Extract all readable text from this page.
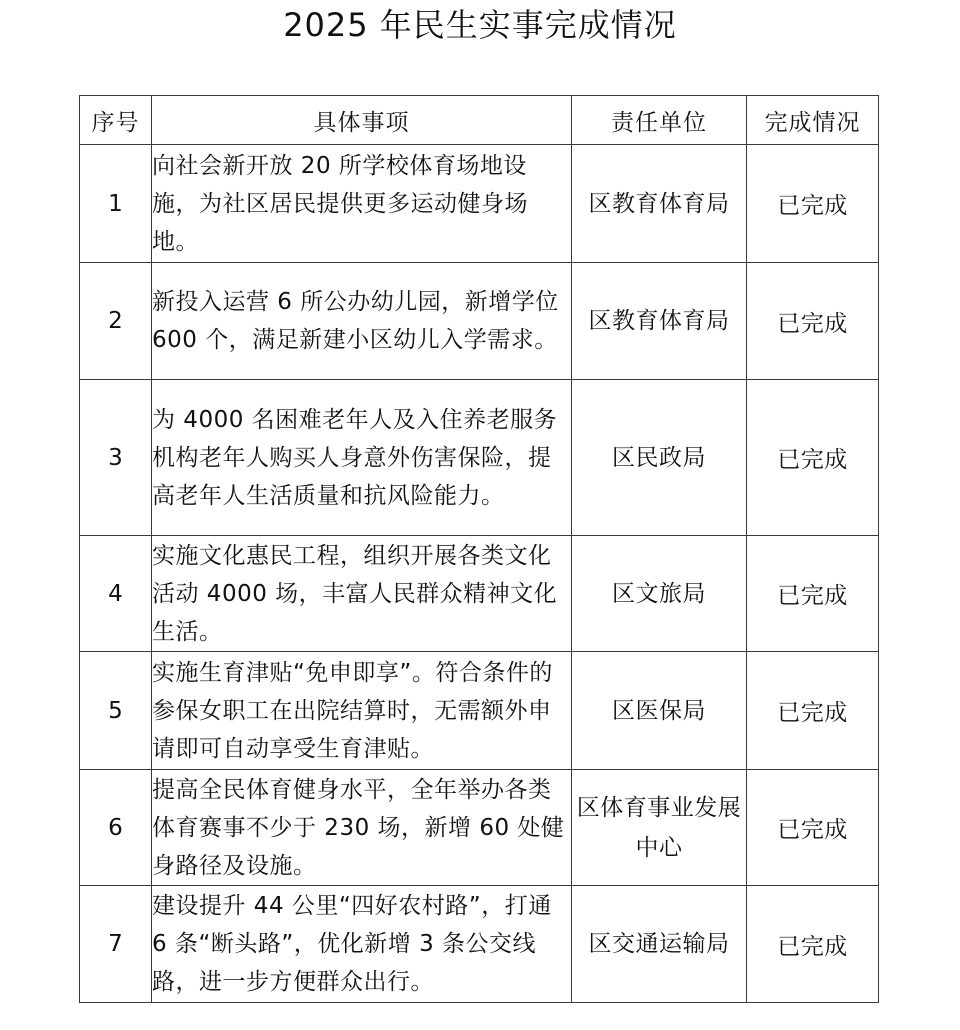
2025 年民生实事完成情况
序号	具体事项	责任单位	完成情况
1	向社会新开放 20 所学校体育场地设施，为社区居民提供更多运动健身场地。	区教育体育局	已完成
2	新投入运营 6 所公办幼儿园，新增学位 600 个，满足新建小区幼儿入学需求。	区教育体育局	已完成
3	为 4000 名困难老年人及入住养老服务机构老年人购买人身意外伤害保险，提高老年人生活质量和抗风险能力。	区民政局	已完成
4	实施文化惠民工程，组织开展各类文化活动 4000 场，丰富人民群众精神文化生活。	区文旅局	已完成
5	实施生育津贴“免申即享”。符合条件的参保女职工在出院结算时，无需额外申请即可自动享受生育津贴。	区医保局	已完成
6	提高全民体育健身水平，全年举办各类体育赛事不少于 230 场，新增 60 处健身路径及设施。	区体育事业发展中心	已完成
7	建设提升 44 公里“四好农村路”，打通 6 条“断头路”，优化新增 3 条公交线路，进一步方便群众出行。	区交通运输局	已完成
